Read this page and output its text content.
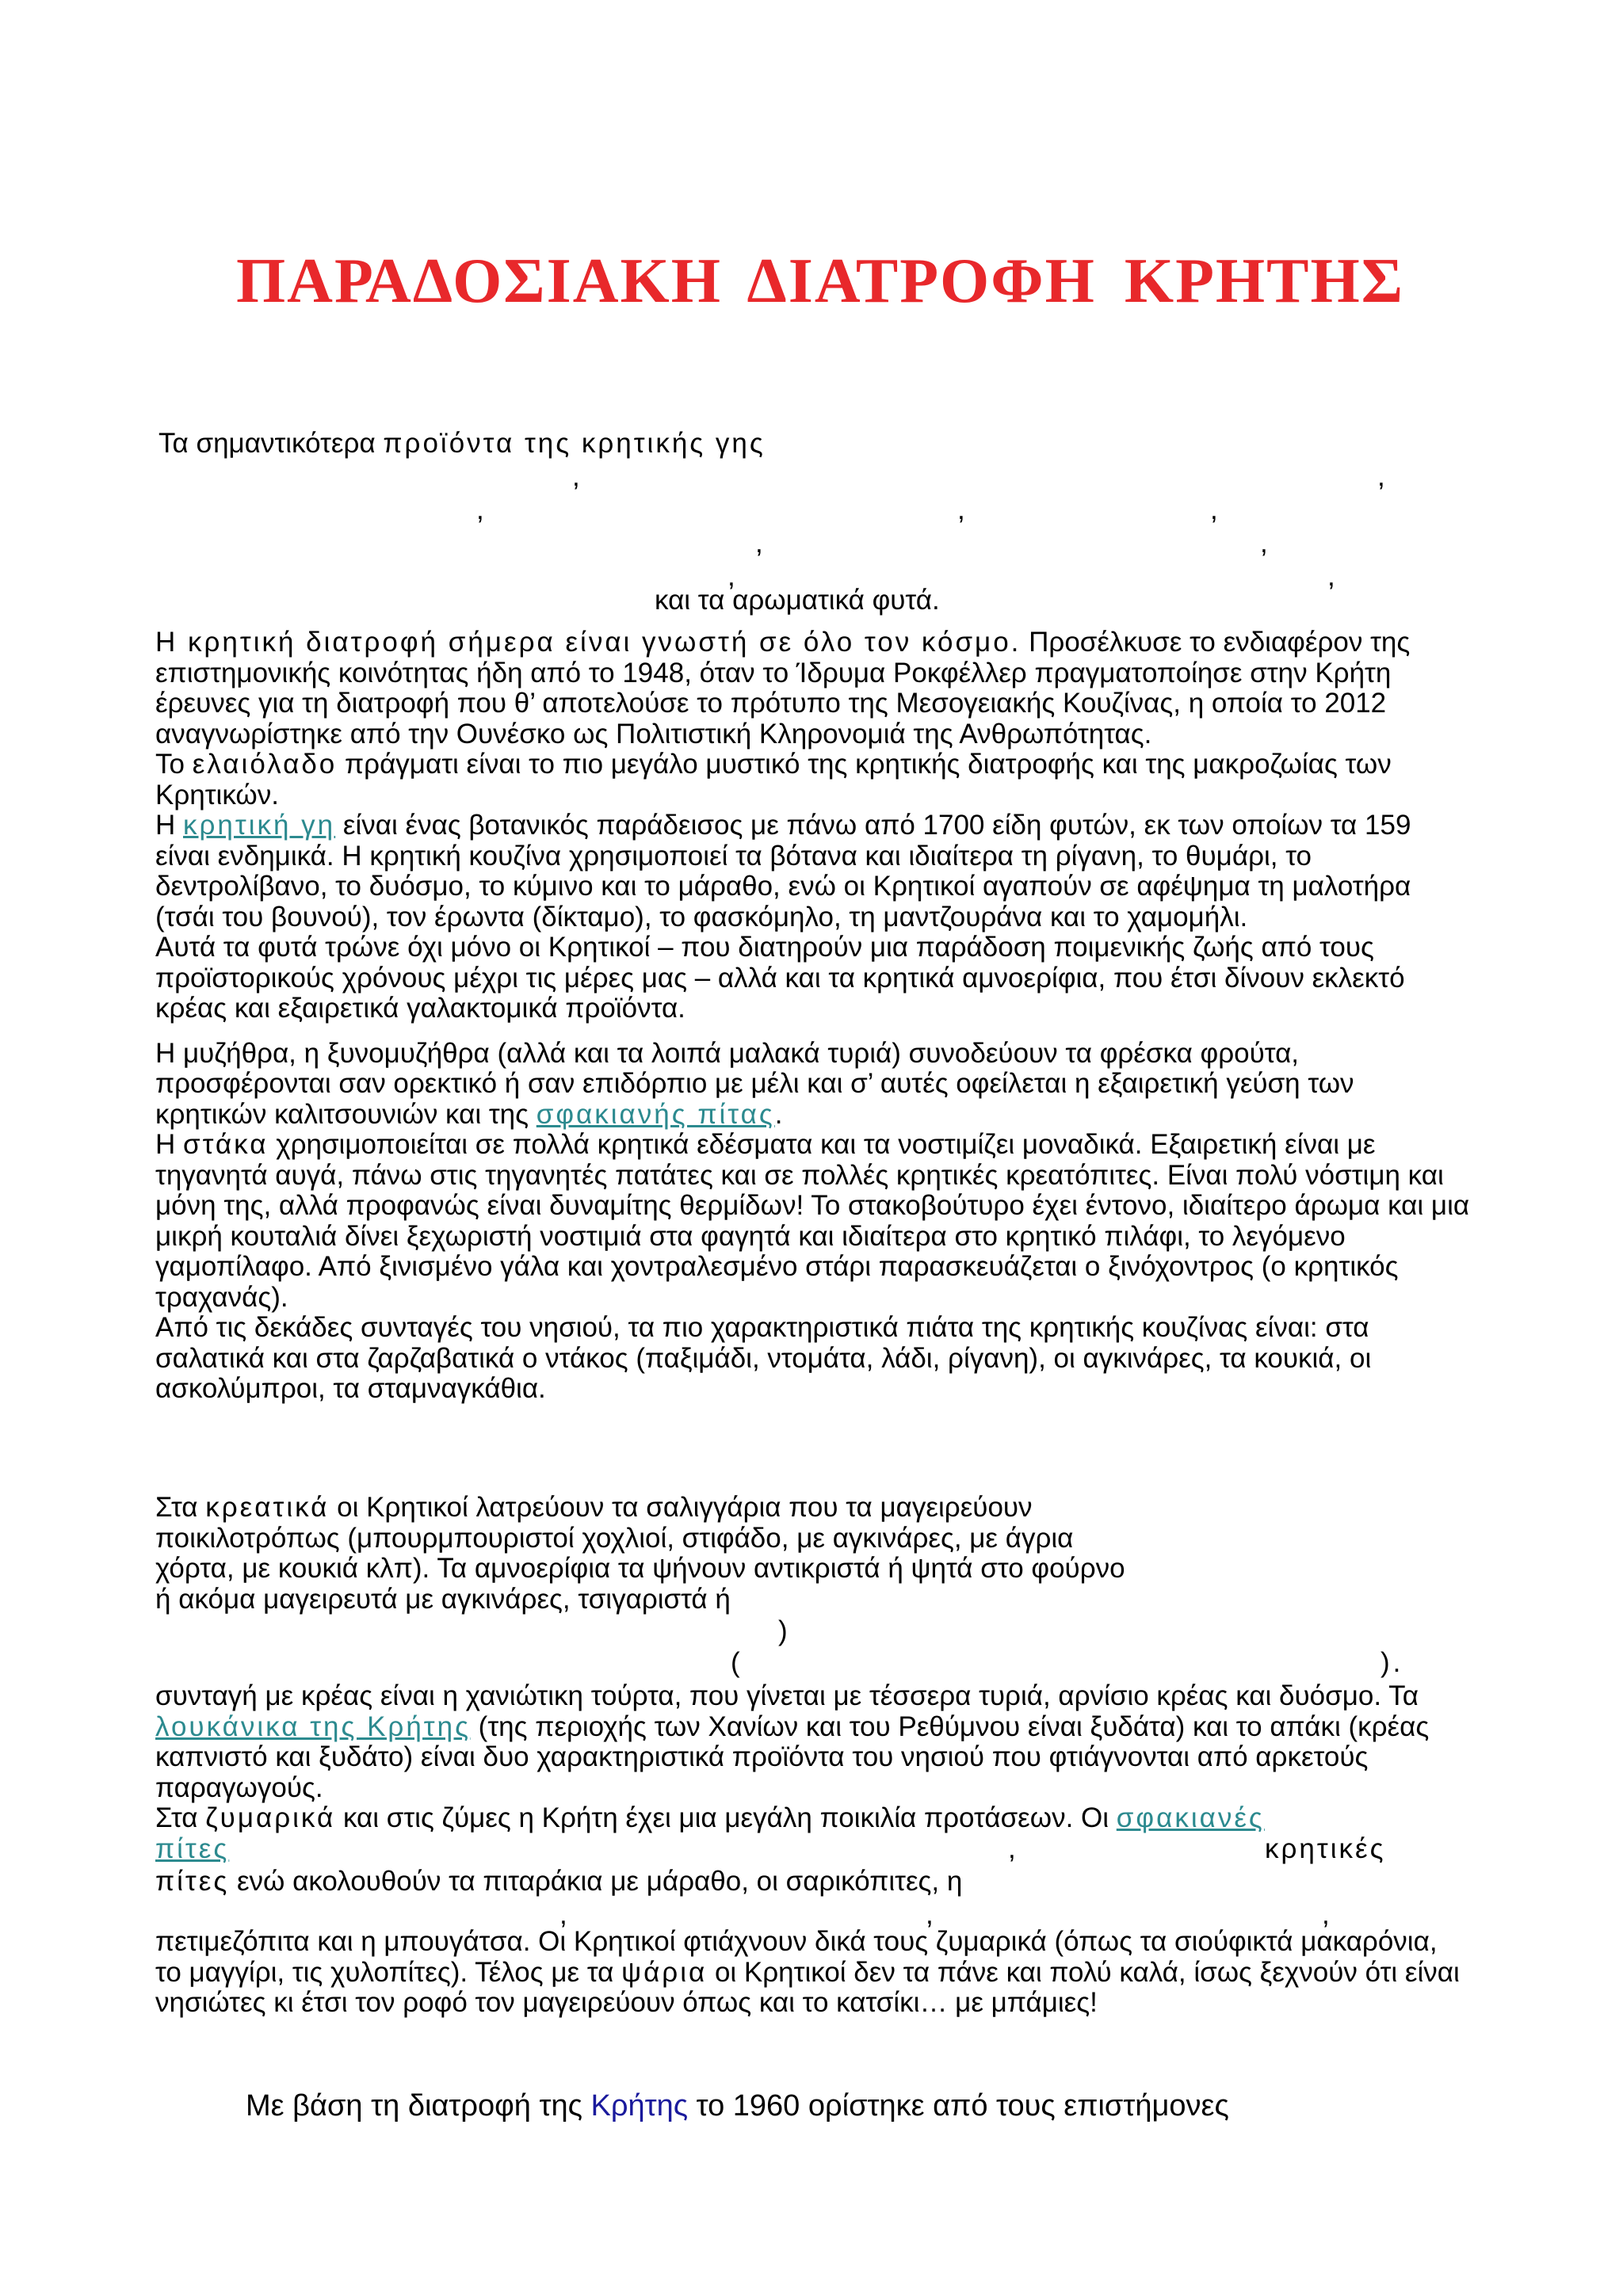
ΠΑΡΑΔΟΣΙΑΚΗ ΔΙΑΤΡΟΦΗ ΚΡΗΤΗΣ
Τα σημαντικότερα προϊόντα της κρητικής γης
,	,
,	,	,
,	,
,	,
και τα αρωματικά φυτά.

Η κρητική διατροφή σήμερα είναι γνωστή σε όλο τον κόσμο. Προσέλκυσε το ενδιαφέρον της επιστημονικής κοινότητας ήδη από το 1948, όταν το Ίδρυμα Ροκφέλλερ πραγματοποίησε στην Κρήτη έρευνες για τη διατροφή που θ’ αποτελούσε το πρότυπο της Μεσογειακής Κουζίνας, η οποία το 2012 αναγνωρίστηκε από την Ουνέσκο ως Πολιτιστική Κληρονομιά της Ανθρωπότητας.

Το ελαιόλαδο πράγματι είναι το πιο μεγάλο μυστικό της κρητικής διατροφής και της μακροζωίας των Κρητικών.

Η κρητική γη είναι ένας βοτανικός παράδεισος με πάνω από 1700 είδη φυτών, εκ των οποίων τα 159 είναι ενδημικά. Η κρητική κουζίνα χρησιμοποιεί τα βότανα και ιδιαίτερα τη ρίγανη, το θυμάρι, το δεντρολίβανο, το δυόσμο, το κύμινο και το μάραθο, ενώ οι Κρητικοί αγαπούν σε αφέψημα τη μαλοτήρα (τσάι του βουνού), τον έρωντα (δίκταμο), το φασκόμηλο, τη μαντζουράνα και το χαμομήλι.

Αυτά τα φυτά τρώνε όχι μόνο οι Κρητικοί – που διατηρούν μια παράδοση ποιμενικής ζωής από τους προϊστορικούς χρόνους μέχρι τις μέρες μας – αλλά και τα κρητικά αμνοερίφια, που έτσι δίνουν εκλεκτό κρέας και εξαιρετικά γαλακτομικά προϊόντα.

Η μυζήθρα, η ξυνομυζήθρα (αλλά και τα λοιπά μαλακά τυριά) συνοδεύουν τα φρέσκα φρούτα, προσφέρονται σαν ορεκτικό ή σαν επιδόρπιο με μέλι και σ’ αυτές οφείλεται η εξαιρετική γεύση των κρητικών καλιτσουνιών και της σφακιανής πίτας.

Η στάκα χρησιμοποιείται σε πολλά κρητικά εδέσματα και τα νοστιμίζει μοναδικά. Εξαιρετική είναι με τηγανητά αυγά, πάνω στις τηγανητές πατάτες και σε πολλές κρητικές κρεατόπιτες. Είναι πολύ νόστιμη και μόνη της, αλλά προφανώς είναι δυναμίτης θερμίδων! Το στακοβούτυρο έχει έντονο, ιδιαίτερο άρωμα και μια μικρή κουταλιά δίνει ξεχωριστή νοστιμιά στα φαγητά και ιδιαίτερα στο κρητικό πιλάφι, το λεγόμενο γαμοπίλαφο. Από ξινισμένο γάλα και χοντραλεσμένο στάρι παρασκευάζεται ο ξινόχοντρος (ο κρητικός τραχανάς).

Από τις δεκάδες συνταγές του νησιού, τα πιο χαρακτηριστικά πιάτα της κρητικής κουζίνας είναι: στα σαλατικά και στα ζαρζαβατικά ο ντάκος (παξιμάδι, ντομάτα, λάδι, ρίγανη), οι αγκινάρες, τα κουκιά, οι ασκολύμπροι, τα σταμναγκάθια.

Στα κρεατικά οι Κρητικοί λατρεύουν τα σαλιγγάρια που τα μαγειρεύουν ποικιλοτρόπως (μπουρμπουριστοί χοχλιοί, στιφάδο, με αγκινάρες, με άγρια χόρτα, με κουκιά κλπ). Τα αμνοερίφια τα ψήνουν αντικριστά ή ψητά στο φούρνο ή ακόμα μαγειρευτά με αγκινάρες, τσιγαριστά ή

)
(	).

συνταγή με κρέας είναι η χανιώτικη τούρτα, που γίνεται με τέσσερα τυριά, αρνίσιο κρέας και δυόσμο. Τα λουκάνικα της Κρήτης (της περιοχής των Χανίων και του Ρεθύμνου είναι ξυδάτα) και το απάκι (κρέας καπνιστό και ξυδάτο) είναι δυο χαρακτηριστικά προϊόντα του νησιού που φτιάγνονται από αρκετούς παραγωγούς.

Στα ζυμαρικά και στις ζύμες η Κρήτη έχει μια μεγάλη ποικιλία προτάσεων. Οι σφακιανές

πίτες	,	κρητικές
πίτες ενώ ακολουθούν τα πιταράκια με μάραθο, οι σαρικόπιτες, η
,	,	,

πετιμεζόπιτα και η μπουγάτσα. Οι Κρητικοί φτιάχνουν δικά τους ζυμαρικά (όπως τα σιούφικτά μακαρόνια, το μαγγίρι, τις χυλοπίτες). Τέλος με τα ψάρια οι Κρητικοί δεν τα πάνε και πολύ καλά, ίσως ξεχνούν ότι είναι νησιώτες κι έτσι τον ροφό τον μαγειρεύουν όπως και το κατσίκι… με μπάμιες!

Με βάση τη διατροφή της Κρήτης το 1960 ορίστηκε από τους επιστήμονες
